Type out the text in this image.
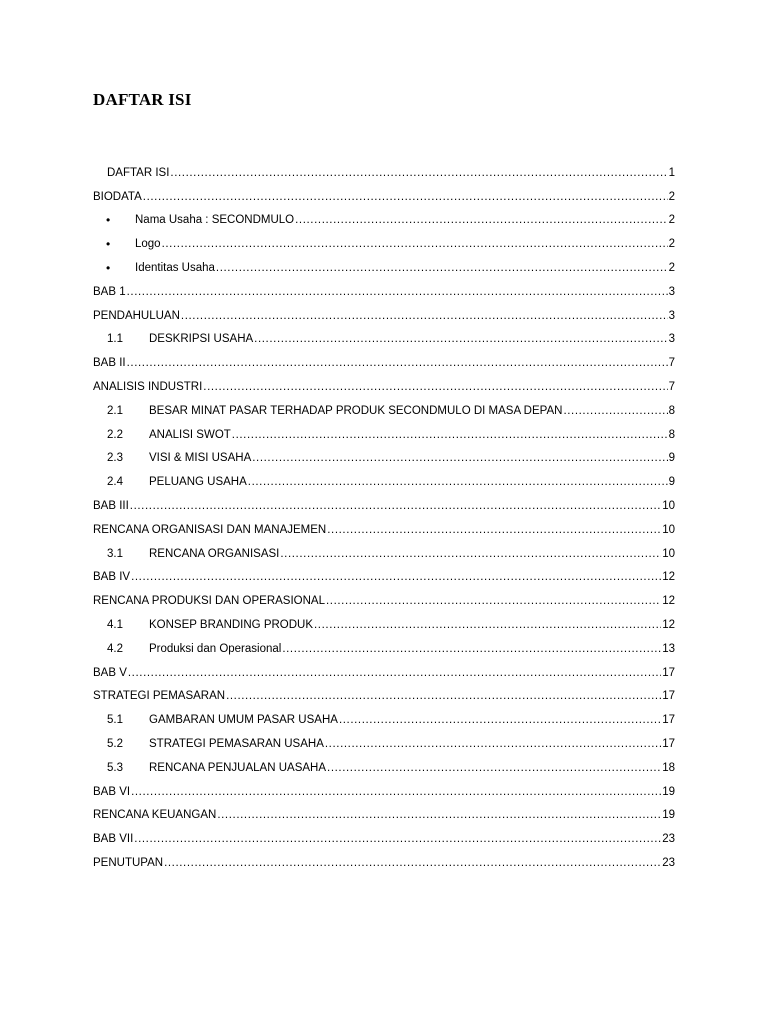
DAFTAR ISI
DAFTAR ISI .....	1
BIODATA .....	2
•	Nama Usaha : SECONDMULO .....	2
•	Logo .....	2
•	Identitas Usaha .....	2
BAB 1 .....	3
PENDAHULUAN .....	3
1.1	DESKRIPSI USAHA .....	3
BAB II .....	7
ANALISIS INDUSTRI .....	7
2.1	BESAR MINAT PASAR TERHADAP PRODUK SECONDMULO DI MASA DEPAN .....	8
2.2	ANALISI SWOT .....	8
2.3	VISI & MISI USAHA .....	9
2.4	PELUANG USAHA .....	9
BAB III .....	10
RENCANA ORGANISASI DAN MANAJEMEN .....	10
3.1	RENCANA ORGANISASI .....	10
BAB IV .....	12
RENCANA PRODUKSI DAN OPERASIONAL .....	12
4.1	KONSEP BRANDING PRODUK .....	12
4.2	Produksi dan Operasional .....	13
BAB V .....	17
STRATEGI PEMASARAN .....	17
5.1	GAMBARAN UMUM PASAR USAHA .....	17
5.2	STRATEGI PEMASARAN USAHA .....	17
5.3	RENCANA PENJUALAN UASAHA .....	18
BAB VI .....	19
RENCANA KEUANGAN .....	19
BAB VII .....	23
PENUTUPAN .....	23
